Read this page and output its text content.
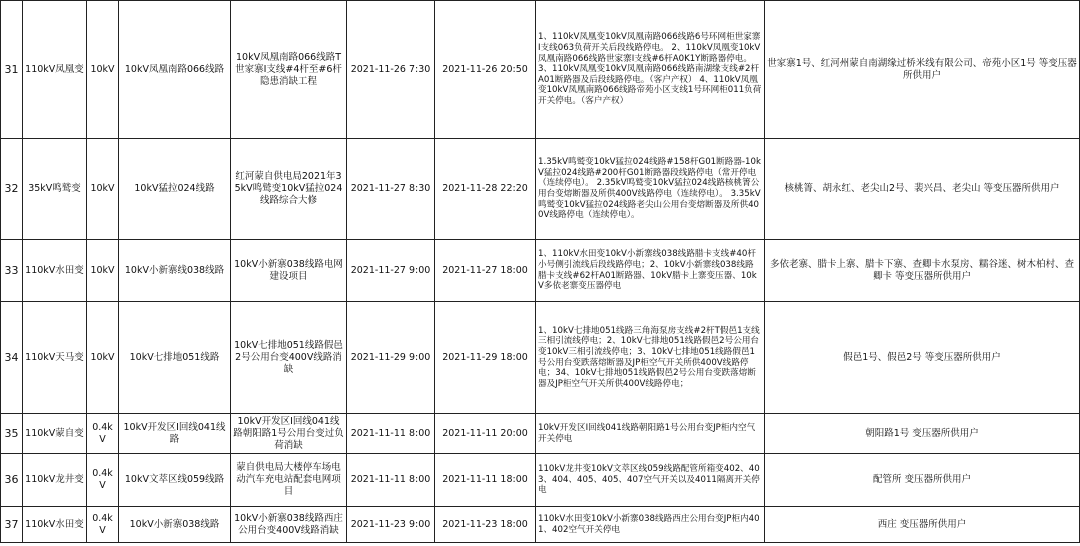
31	110kV凤凰变	10kV	10kV凤凰南路066线路	10kV凤凰南路066线路T世家寨Ⅰ支线#4杆至#6杆隐患消缺工程	2021-11-26 7:30	2021-11-26 20:50	1、110kV凤凰变10kV凤凰南路066线路6号环网柜世家寨Ⅰ支线063负荷开关后段线路停电。 2、110kV凤凰变10kV凤凰南路066线路世家寨Ⅰ支线#6杆A0K1Y断路器停电。 3、110kV凤凰变10kV凤凰南路066线路南湖缘支线#2杆A01断路器及后段线路停电。（客户产权） 4、110kV凤凰变10kV凤凰南路066线路帝苑小区支线1号环网柜011负荷开关停电。（客户产权）	世家寨1号、红河州蒙自南湖缘过桥米线有限公司、帝苑小区1号 等变压器所供用户
32	35kV鸣鹫变	10kV	10kV猛拉024线路	红河蒙自供电局2021年35kV鸣鹫变10kV猛拉024线路综合大修	2021-11-27 8:30	2021-11-28 22:20	1.35kV鸣鹫变10kV猛拉024线路#158杆G01断路器-10kV猛拉024线路#200杆G01断路器段线路停电（常开停电（连续停电）。 2.35kV鸣鹫变10kV猛拉024线路核桃箐公用台变熔断器及所供400V线路停电（连续停电）。 3.35kV鸣鹫变10kV猛拉024线路老尖山公用台变熔断器及所供400V线路停电（连续停电）。	核桃箐、胡永红、老尖山2号、裴兴昌、老尖山 等变压器所供用户
33	110kV水田变	10kV	10kV小新寨线038线路	10kV小新寨038线路电网建设项目	2021-11-27 9:00	2021-11-27 18:00	1、110kV水田变10kV小新寨线038线路腊卡支线#40杆小号侧引流线后段线路停电；2、10kV小新寨线038线路腊卡支线#62杆A01断路器、10kV腊卡上寨变压器、10kV多依老寨变压器停电	多依老寨、腊卡上寨、腊卡下寨、查卿卡水泵房、糯谷迷、树木柏村、查卿卡 等变压器所供用户
34	110kV天马变	10kV	10kV七排地051线路	10kV七排地051线路假邑2号公用台变400V线路消缺	2021-11-29 9:00	2021-11-29 18:00	1、10kV七排地051线路三角海泵房支线#2杆T假邑1支线三相引流线停电；2、10kV七排地051线路假邑2号公用台变10kV三相引流线停电；3、10kV七排地051线路假邑1号公用台变跌落熔断器及JP柜空气开关所供400V线路停电；34、10kV七排地051线路假邑2号公用台变跌落熔断器及JP柜空气开关所供400V线路停电；	假邑1号、假邑2号 等变压器所供用户
35	110kV蒙自变	0.4kV	10kV开发区Ⅰ回线041线路	10kV开发区Ⅰ回线041线路朝阳路1号公用台变过负荷消缺	2021-11-11 8:00	2021-11-11 20:00	10kV开发区Ⅰ回线041线路朝阳路1号公用台变JP柜内空气开关停电	朝阳路1号 变压器所供用户
36	110kV龙井变	0.4kV	10kV文萃区线059线路	蒙自供电局大楼停车场电动汽车充电站配套电网项目	2021-11-11 8:00	2021-11-11 18:00	110kV龙井变10kV文萃区线059线路配管所箱变402、403、404、405、405、407空气开关以及4011隔离开关停电	配管所 变压器所供用户
37	110kV水田变	0.4kV	10kV小新寨038线路	10kV小新寨038线路西庄公用台变400V线路消缺	2021-11-23 9:00	2021-11-23 18:00	110kV水田变10kV小新寨038线路西庄公用台变JP柜内401、402空气开关停电	西庄 变压器所供用户
